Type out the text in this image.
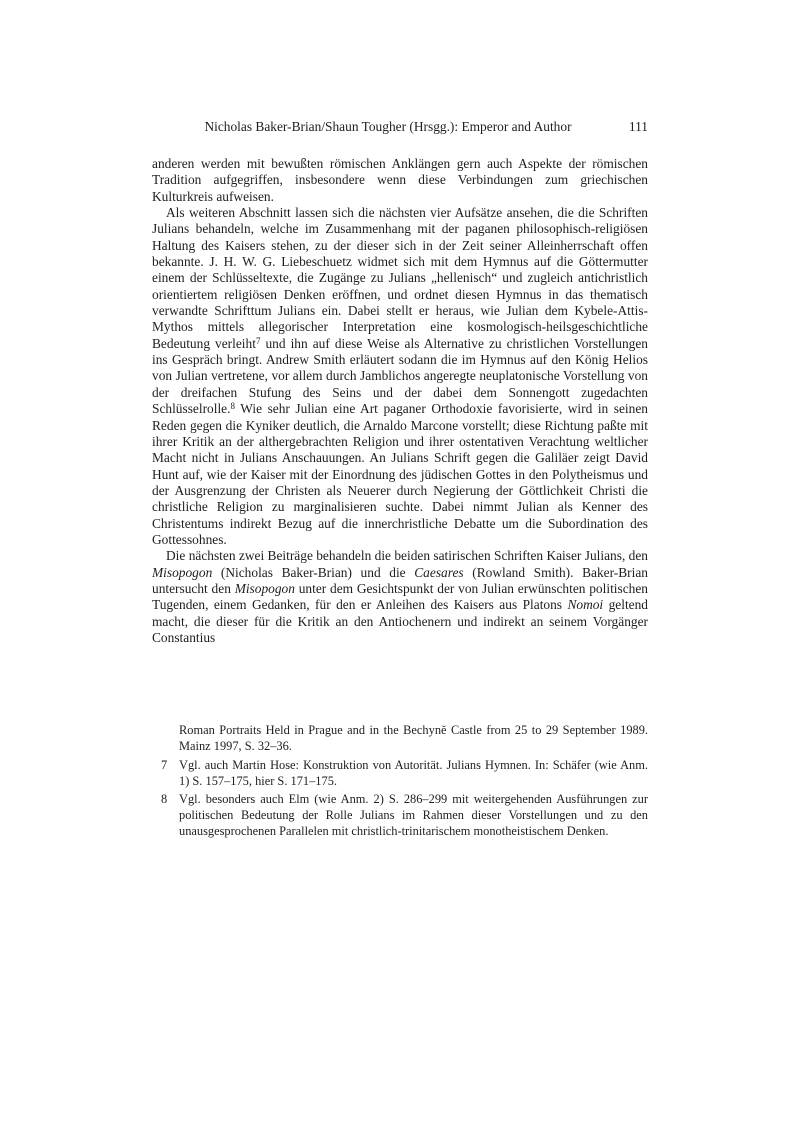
Nicholas Baker-Brian/Shaun Tougher (Hrsgg.): Emperor and Author	111

anderen werden mit bewußten römischen Anklängen gern auch Aspekte der römischen Tradition aufgegriffen, insbesondere wenn diese Verbindungen zum griechischen Kulturkreis aufweisen.

Als weiteren Abschnitt lassen sich die nächsten vier Aufsätze ansehen, die die Schriften Julians behandeln, welche im Zusammenhang mit der paganen philosophisch-religiösen Haltung des Kaisers stehen, zu der dieser sich in der Zeit seiner Alleinherrschaft offen bekannte. J. H. W. G. Liebeschuetz widmet sich mit dem Hymnus auf die Göttermutter einem der Schlüsseltexte, die Zugänge zu Julians „hellenisch“ und zugleich antichristlich orientiertem religiösen Denken eröffnen, und ordnet diesen Hymnus in das thematisch verwandte Schrifttum Julians ein. Dabei stellt er heraus, wie Julian dem Kybele-Attis-Mythos mittels allegorischer Interpretation eine kosmologisch-heilsgeschichtliche Bedeutung verleiht$^7$ und ihn auf diese Weise als Alternative zu christlichen Vorstellungen ins Gespräch bringt. Andrew Smith erläutert sodann die im Hymnus auf den König Helios von Julian vertretene, vor allem durch Jamblichos angeregte neuplatonische Vorstellung von der dreifachen Stufung des Seins und der dabei dem Sonnengott zugedachten Schlüsselrolle.$^8$ Wie sehr Julian eine Art paganer Orthodoxie favorisierte, wird in seinen Reden gegen die Kyniker deutlich, die Arnaldo Marcone vorstellt; diese Richtung paßte mit ihrer Kritik an der althergebrachten Religion und ihrer ostentativen Verachtung weltlicher Macht nicht in Julians Anschauungen. An Julians Schrift gegen die Galiläer zeigt David Hunt auf, wie der Kaiser mit der Einordnung des jüdischen Gottes in den Polytheismus und der Ausgrenzung der Christen als Neuerer durch Negierung der Göttlichkeit Christi die christliche Religion zu marginalisieren suchte. Dabei nimmt Julian als Kenner des Christentums indirekt Bezug auf die innerchristliche Debatte um die Subordination des Gottessohnes.

Die nächsten zwei Beiträge behandeln die beiden satirischen Schriften Kaiser Julians, den Misopogon (Nicholas Baker-Brian) und die Caesares (Rowland Smith). Baker-Brian untersucht den Misopogon unter dem Gesichtspunkt der von Julian erwünschten politischen Tugenden, einem Gedanken, für den er Anleihen des Kaisers aus Platons Nomoi geltend macht, die dieser für die Kritik an den Antiochenern und indirekt an seinem Vorgänger Constantius

Roman Portraits Held in Prague and in the Bechynĕ Castle from 25 to 29 September 1989. Mainz 1997, S. 32–36.
7 Vgl. auch Martin Hose: Konstruktion von Autorität. Julians Hymnen. In: Schäfer (wie Anm. 1) S. 157–175, hier S. 171–175.
8 Vgl. besonders auch Elm (wie Anm. 2) S. 286–299 mit weitergehenden Ausführungen zur politischen Bedeutung der Rolle Julians im Rahmen dieser Vorstellungen und zu den unausgesprochenen Parallelen mit christlich-trinitarischem monotheistischem Denken.
